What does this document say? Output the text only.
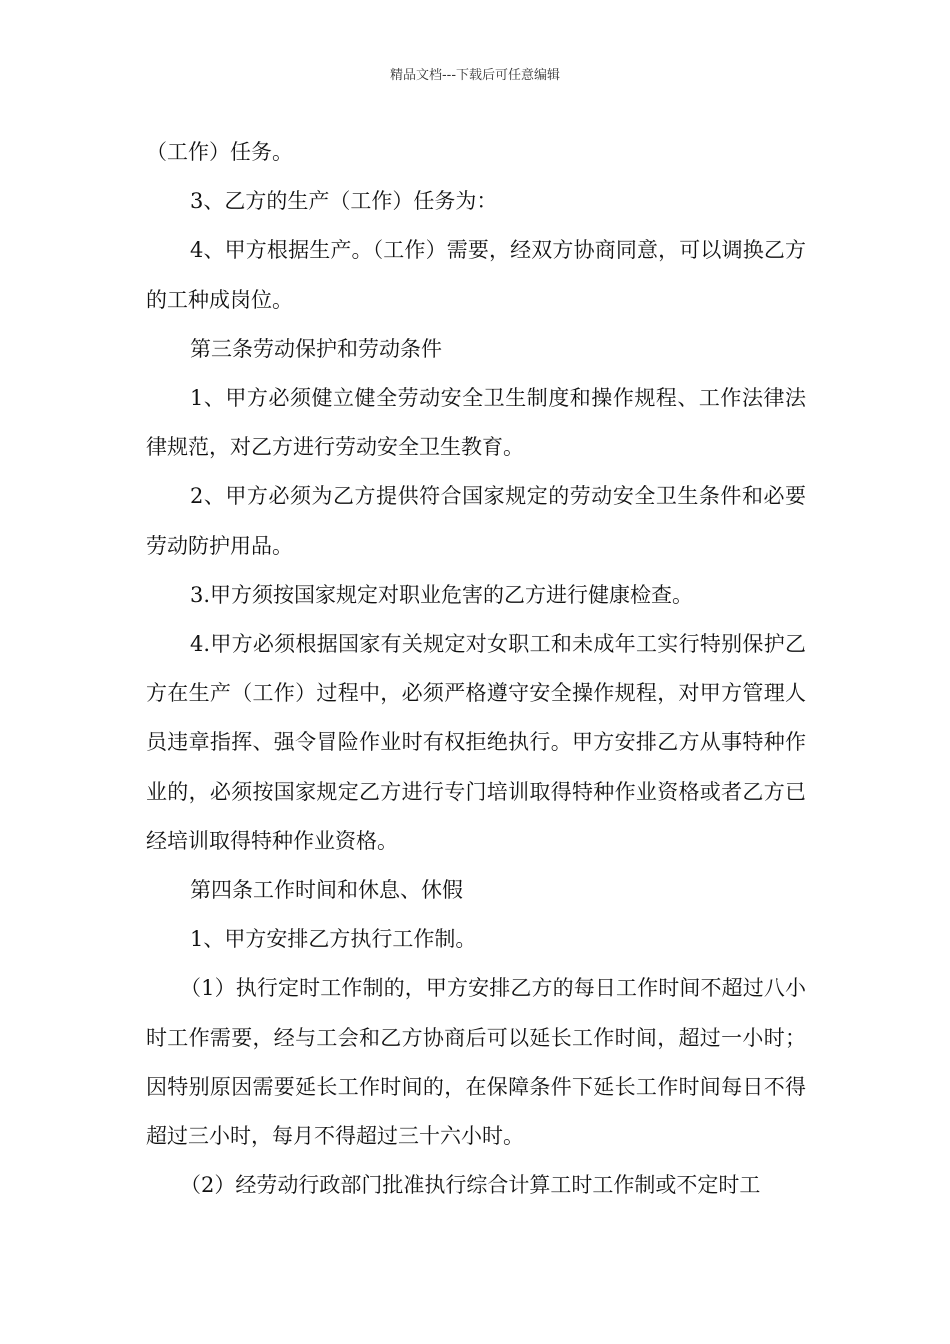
精品文档---下载后可任意编辑

（工作）任务。

3、乙方的生产（工作）任务为：

4、甲方根据生产。（工作）需要，经双方协商同意，可以调换乙方的工种成岗位。

第三条劳动保护和劳动条件

1、甲方必须健立健全劳动安全卫生制度和操作规程、工作法律法律规范，对乙方进行劳动安全卫生教育。

2、甲方必须为乙方提供符合国家规定的劳动安全卫生条件和必要劳动防护用品。

3.甲方须按国家规定对职业危害的乙方进行健康检查。

4.甲方必须根据国家有关规定对女职工和未成年工实行特别保护乙方在生产（工作）过程中，必须严格遵守安全操作规程，对甲方管理人员违章指挥、强令冒险作业时有权拒绝执行。甲方安排乙方从事特种作业的，必须按国家规定乙方进行专门培训取得特种作业资格或者乙方已经培训取得特种作业资格。

第四条工作时间和休息、休假

1、甲方安排乙方执行工作制。

（1）执行定时工作制的，甲方安排乙方的每日工作时间不超过八小时工作需要，经与工会和乙方协商后可以延长工作时间，超过一小时；因特别原因需要延长工作时间的，在保障条件下延长工作时间每日不得超过三小时，每月不得超过三十六小时。

（2）经劳动行政部门批准执行综合计算工时工作制或不定时工
